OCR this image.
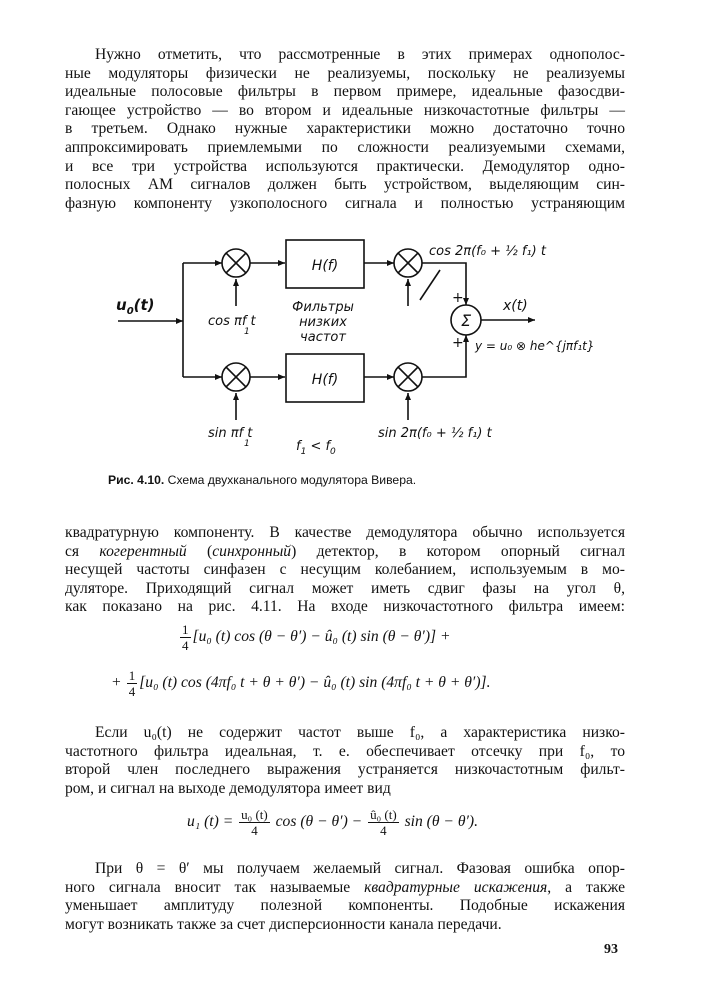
Нужно отметить, что рассмотренные в этих примерах однополос-
ные модуляторы физически не реализуемы, поскольку не реализуемы
идеальные полосовые фильтры в первом примере, идеальные фазосдви-
гающее устройство — во втором и идеальные низкочастотные фильтры —
в третьем. Однако нужные характеристики можно достаточно точно
аппроксимировать приемлемыми по сложности реализуемыми схемами,
и все три устройства используются практически. Демодулятор одно-
полосных АМ сигналов должен быть устройством, выделяющим син-
фазную компоненту узкополосного сигнала и полностью устраняющим
$u_0(t)$
H(f)
H(f)
Фильтры
низких
частот
cos πf t
1
sin πf t
1	$f_1 < f_0$
cos 2π(f₀ + ½ f₁) t
sin 2π(f₀ + ½ f₁) t
Σ
+
+
x(t)
y = u₀ ⊗ he^{jπf₁t}
Рис. 4.10. Схема двухканального модулятора Вивера.
квадратурную компоненту. В качестве демодулятора обычно используется
ся когерентный (синхронный) детектор, в котором опорный сигнал
несущей частоты синфазен с несущим колебанием, используемым в мо-
дуляторе. Приходящий сигнал может иметь сдвиг фазы на угол θ,
как показано на рис. 4.11. На входе низкочастотного фильтра имеем:
$\frac{1}{4} [u_0$ (t) cos (θ − θ′) − û₀ (t) sin (θ − θ′)] +
+ $\frac{1}{4} [u_0$ (t) cos (4πf₀ t + θ + θ′) − û₀ (t) sin (4πf₀ t + θ + θ′)].
Если u₀(t) не содержит частот выше f₀, а характеристика низко-
частотного фильтра идеальная, т. е. обеспечивает отсечку при f₀, то
второй член последнего выражения устраняется низкочастотным фильт-
ром, и сигнал на выходе демодулятора имеет вид
u₁ $(t) = \frac{\text{u₀ (t)}}{4}$ $\cos (\theta - \theta') - \frac{\text{û₀ (t)}}{4}$ sin (θ − θ′).
При θ = θ′ мы получаем желаемый сигнал. Фазовая ошибка опор-
ного сигнала вносит так называемые квадратурные искажения, а также
уменьшает амплитуду полезной компоненты. Подобные искажения
могут возникать также за счет дисперсионности канала передачи.
93
